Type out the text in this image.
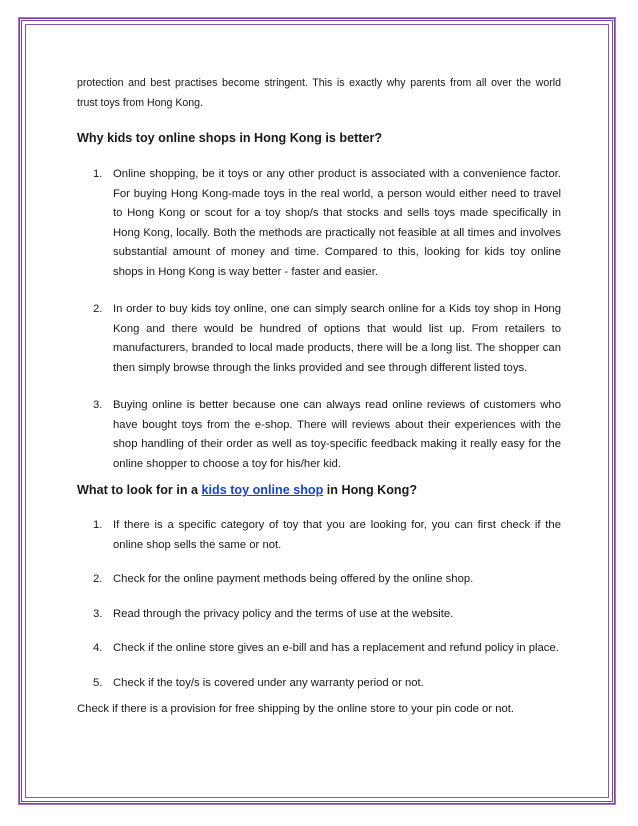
protection and best practises become stringent. This is exactly why parents from all over the world

trust toys from Hong Kong.

Why kids toy online shops in Hong Kong is better?
1. Online shopping, be it toys or any other product is associated with a convenience factor. For buying Hong Kong-made toys in the real world, a person would either need to travel to Hong Kong or scout for a toy shop/s that stocks and sells toys made specifically in Hong Kong, locally. Both the methods are practically not feasible at all times and involves substantial amount of money and time. Compared to this, looking for kids toy online shops in Hong Kong is way better - faster and easier.
2. In order to buy kids toy online, one can simply search online for a Kids toy shop in Hong Kong and there would be hundred of options that would list up. From retailers to manufacturers, branded to local made products, there will be a long list. The shopper can then simply browse through the links provided and see through different listed toys.
3. Buying online is better because one can always read online reviews of customers who have bought toys from the e-shop. There will reviews about their experiences with the shop handling of their order as well as toy-specific feedback making it really easy for the online shopper to choose a toy for his/her kid.
What to look for in a kids toy online shop in Hong Kong?
1. If there is a specific category of toy that you are looking for, you can first check if the online shop sells the same or not.
2. Check for the online payment methods being offered by the online shop.
3. Read through the privacy policy and the terms of use at the website.
4. Check if the online store gives an e-bill and has a replacement and refund policy in place.
5. Check if the toy/s is covered under any warranty period or not.

Check if there is a provision for free shipping by the online store to your pin code or not.
